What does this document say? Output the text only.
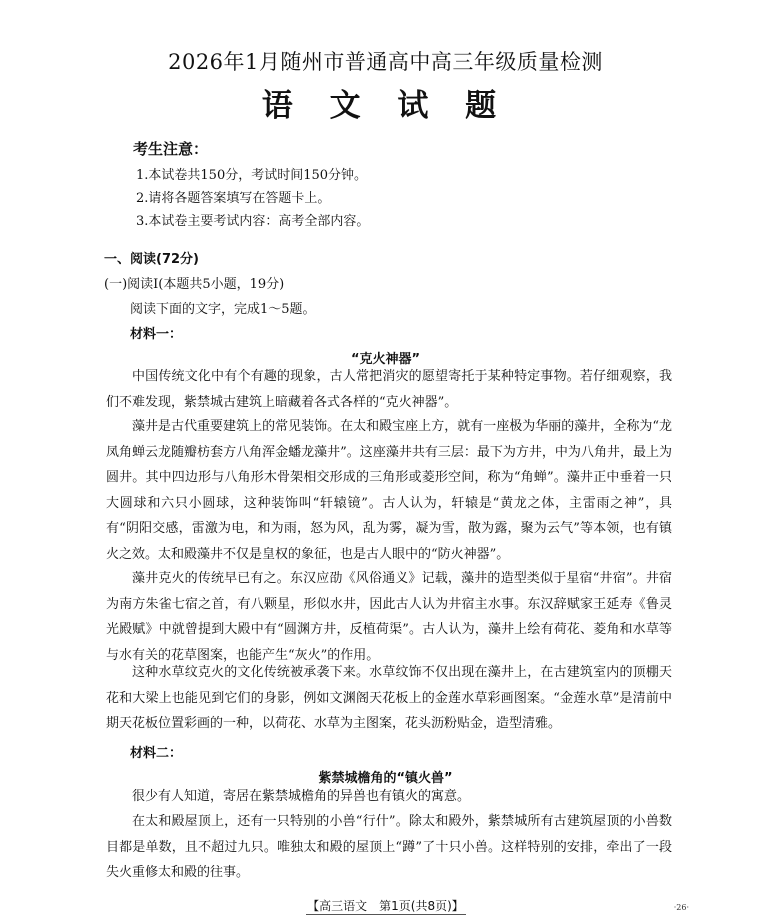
2026年1月随州市普通高中高三年级质量检测
语 文 试 题
考生注意：
1.本试卷共150分，考试时间150分钟。
2.请将各题答案填写在答题卡上。
3.本试卷主要考试内容：高考全部内容。
一、阅读(72分)
(一)阅读Ⅰ(本题共5小题，19分)
阅读下面的文字，完成1～5题。
材料一：
“克火神器”

中国传统文化中有个有趣的现象，古人常把消灾的愿望寄托于某种特定事物。若仔细观察，我们不难发现，紫禁城古建筑上暗藏着各式各样的“克火神器”。

藻井是古代重要建筑上的常见装饰。在太和殿宝座上方，就有一座极为华丽的藻井，全称为“龙凤角蝉云龙随瓣枋套方八角浑金蟠龙藻井”。这座藻井共有三层：最下为方井，中为八角井，最上为圆井。其中四边形与八角形木骨架相交形成的三角形或菱形空间，称为“角蝉”。藻井正中垂着一只大圆球和六只小圆球，这种装饰叫“轩辕镜”。古人认为，轩辕是“黄龙之体，主雷雨之神”，具有“阴阳交感，雷激为电，和为雨，怒为风，乱为雾，凝为雪，散为露，聚为云气”等本领，也有镇火之效。太和殿藻井不仅是皇权的象征，也是古人眼中的“防火神器”。

藻井克火的传统早已有之。东汉应劭《风俗通义》记载，藻井的造型类似于星宿“井宿”。井宿为南方朱雀七宿之首，有八颗星，形似水井，因此古人认为井宿主水事。东汉辞赋家王延寿《鲁灵光殿赋》中就曾提到大殿中有“圆渊方井，反植荷渠”。古人认为，藻井上绘有荷花、菱角和水草等与水有关的花草图案，也能产生“灰火”的作用。

这种水草纹克火的文化传统被承袭下来。水草纹饰不仅出现在藻井上，在古建筑室内的顶棚天花和大梁上也能见到它们的身影，例如文渊阁天花板上的金莲水草彩画图案。“金莲水草”是清前中期天花板位置彩画的一种，以荷花、水草为主图案，花头沥粉贴金，造型清雅。

材料二：
紫禁城檐角的“镇火兽”

很少有人知道，寄居在紫禁城檐角的异兽也有镇火的寓意。

在太和殿屋顶上，还有一只特别的小兽“行什”。除太和殿外，紫禁城所有古建筑屋顶的小兽数目都是单数，且不超过九只。唯独太和殿的屋顶上“蹲”了十只小兽。这样特别的安排，牵出了一段失火重修太和殿的往事。

【高三语文　第1页(共8页)】	·26·
